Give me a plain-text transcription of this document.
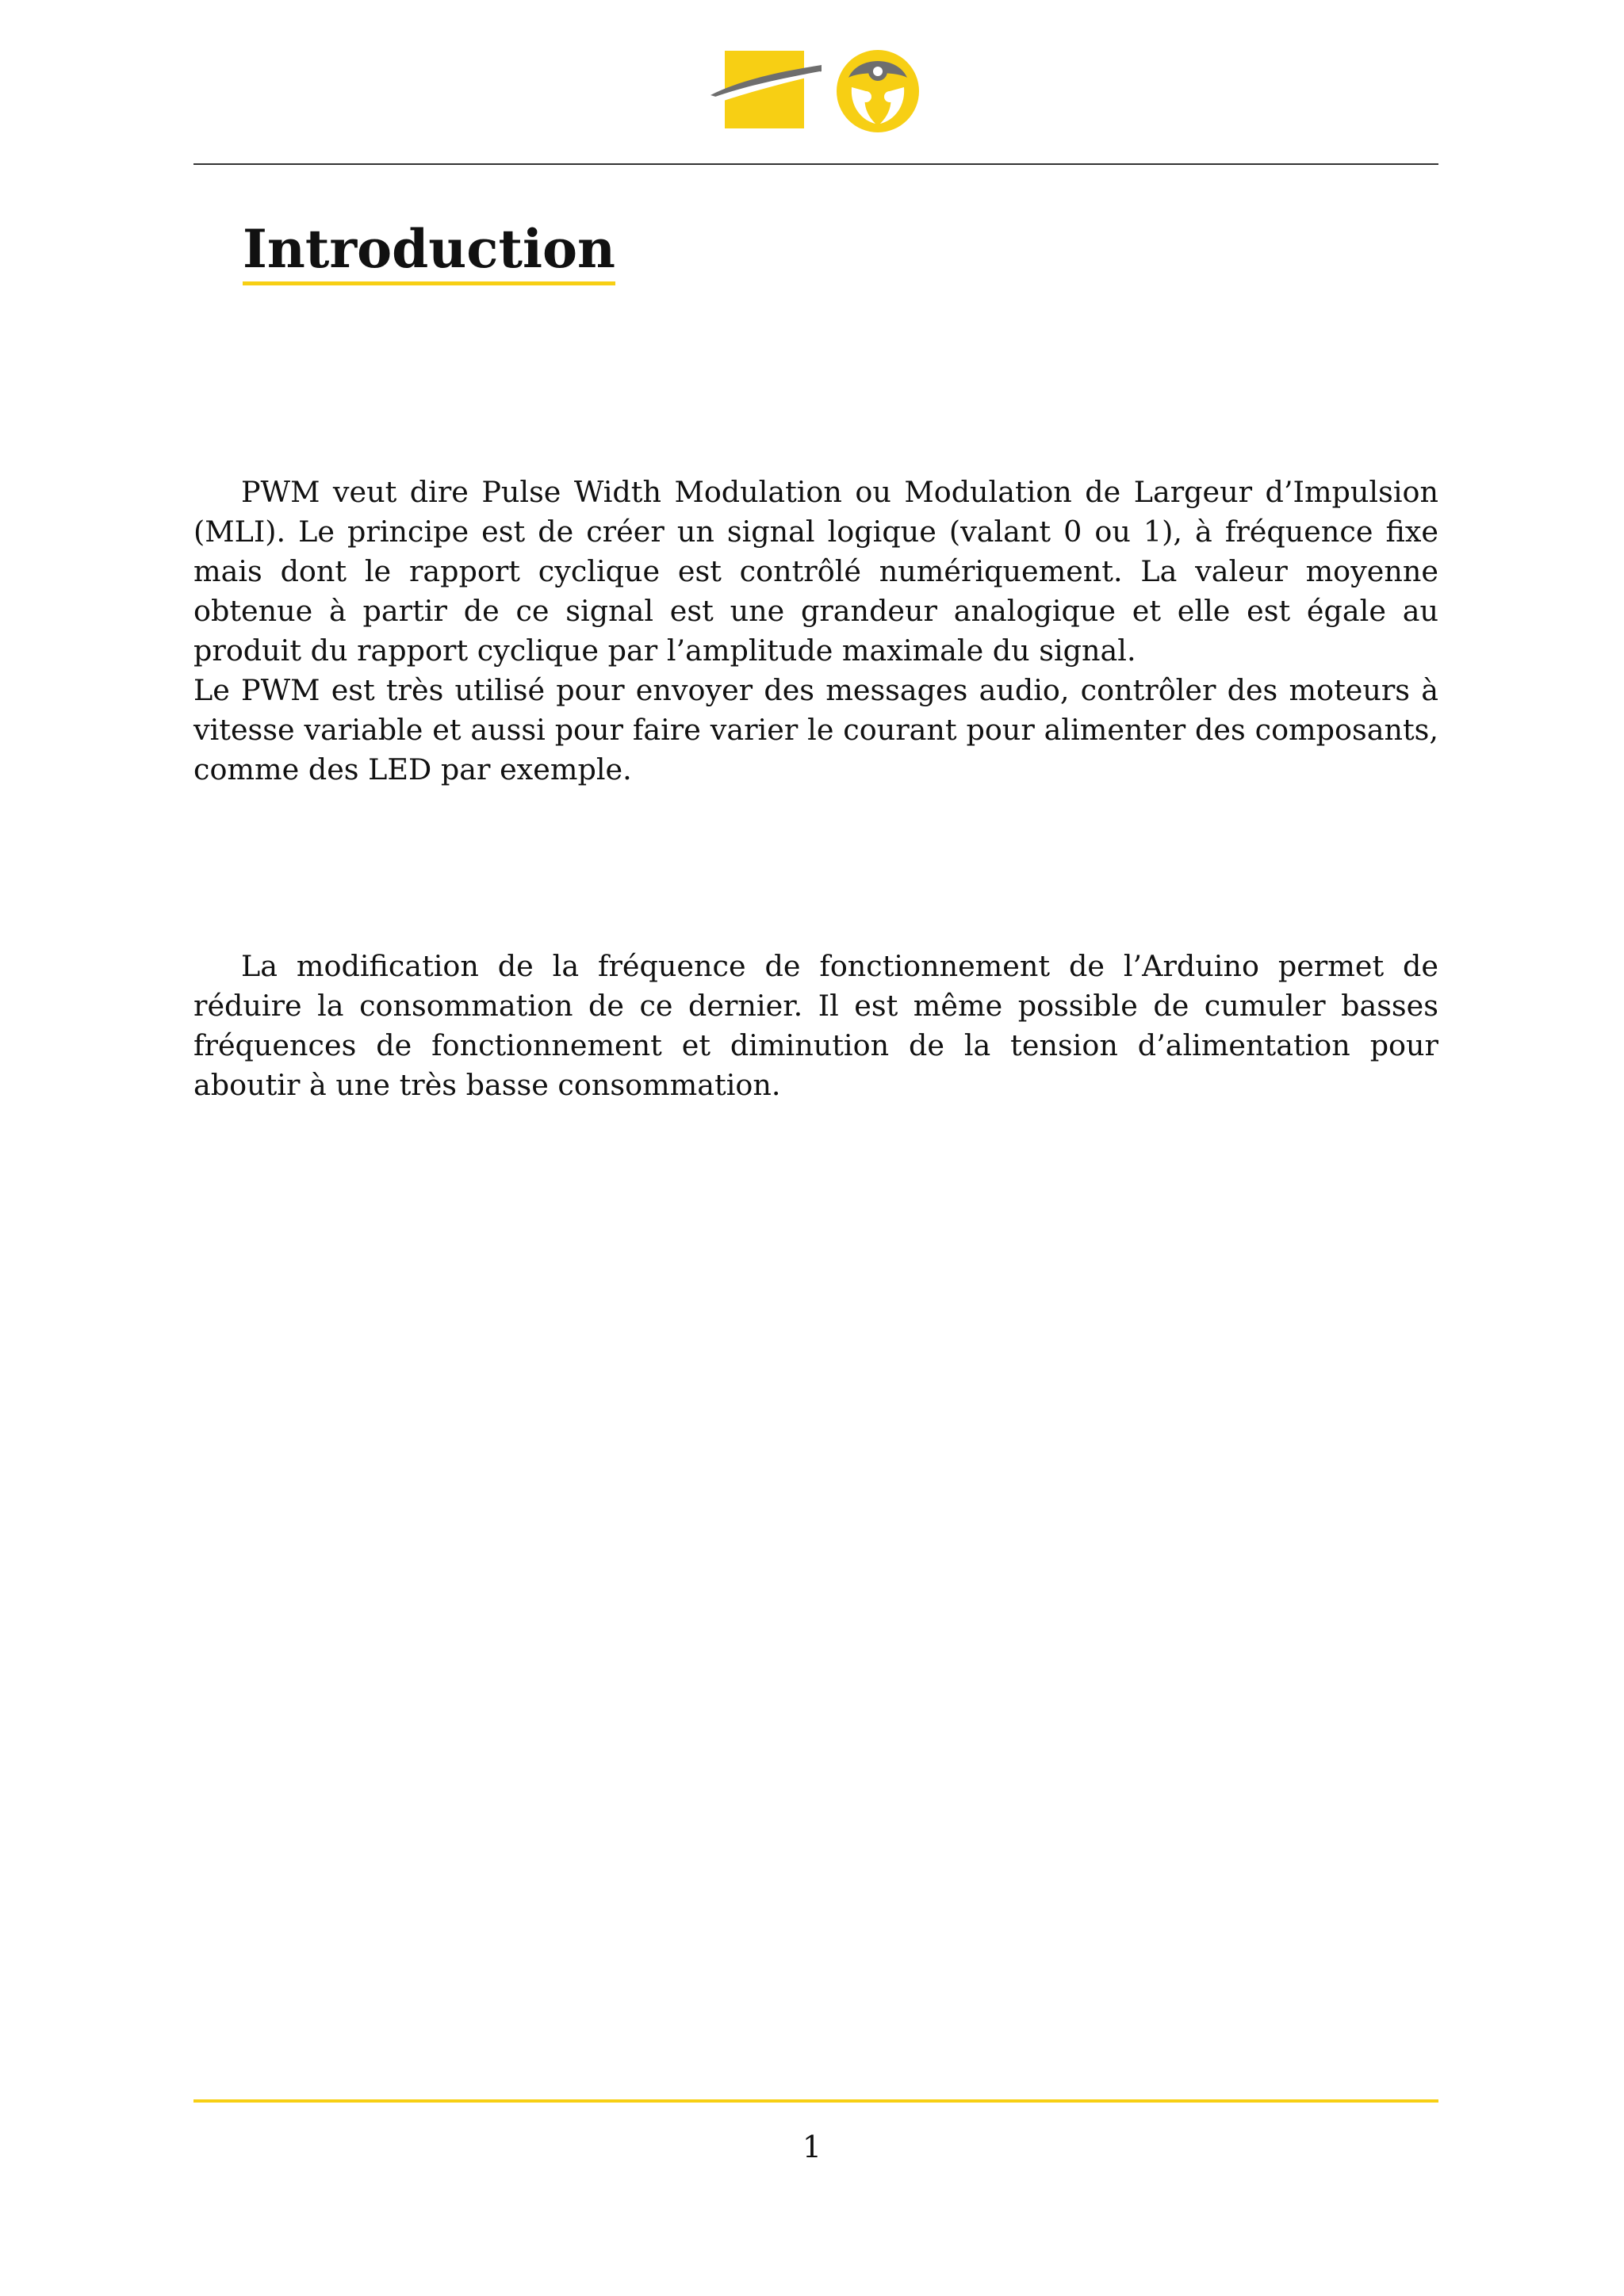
Introduction
PWM veut dire Pulse Width Modulation ou Modulation de Largeur d’Impulsion (MLI). Le principe est de créer un signal logique (valant 0 ou 1), à fréquence fixe mais dont le rapport cyclique est contrôlé numériquement. La valeur moyenne obtenue à partir de ce signal est une grandeur analogique et elle est égale au produit du rapport cyclique par l’amplitude maximale du signal.
Le PWM est très utilisé pour envoyer des messages audio, contrôler des moteurs à vitesse variable et aussi pour faire varier le courant pour alimenter des composants, comme des LED par exemple.
La modification de la fréquence de fonctionnement de l’Arduino permet de réduire la consommation de ce dernier. Il est même possible de cumuler basses fréquences de fonctionnement et diminution de la tension d’alimentation pour aboutir à une très basse consommation.
1
